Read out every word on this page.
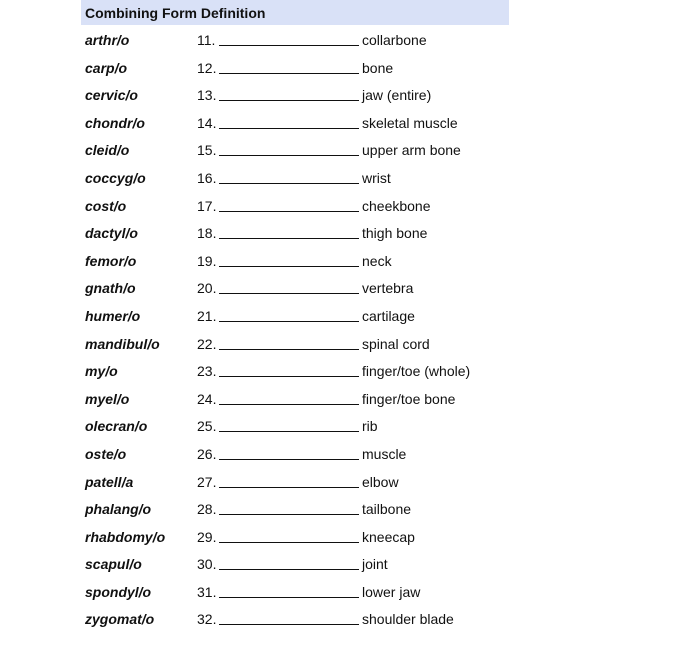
Combining Form Definition
arthr/o	11.	collarbone
carp/o	12.	bone
cervic/o	13.	jaw (entire)
chondr/o	14.	skeletal muscle
cleid/o	15.	upper arm bone
coccyg/o	16.	wrist
cost/o	17.	cheekbone
dactyl/o	18.	thigh bone
femor/o	19.	neck
gnath/o	20.	vertebra
humer/o	21.	cartilage
mandibul/o	22.	spinal cord
my/o	23.	finger/toe (whole)
myel/o	24.	finger/toe bone
olecran/o	25.	rib
oste/o	26.	muscle
patell/a	27.	elbow
phalang/o	28.	tailbone
rhabdomy/o 29.	kneecap
scapul/o	30.	joint
spondyl/o	31.	lower jaw
zygomat/o	32.	shoulder blade
